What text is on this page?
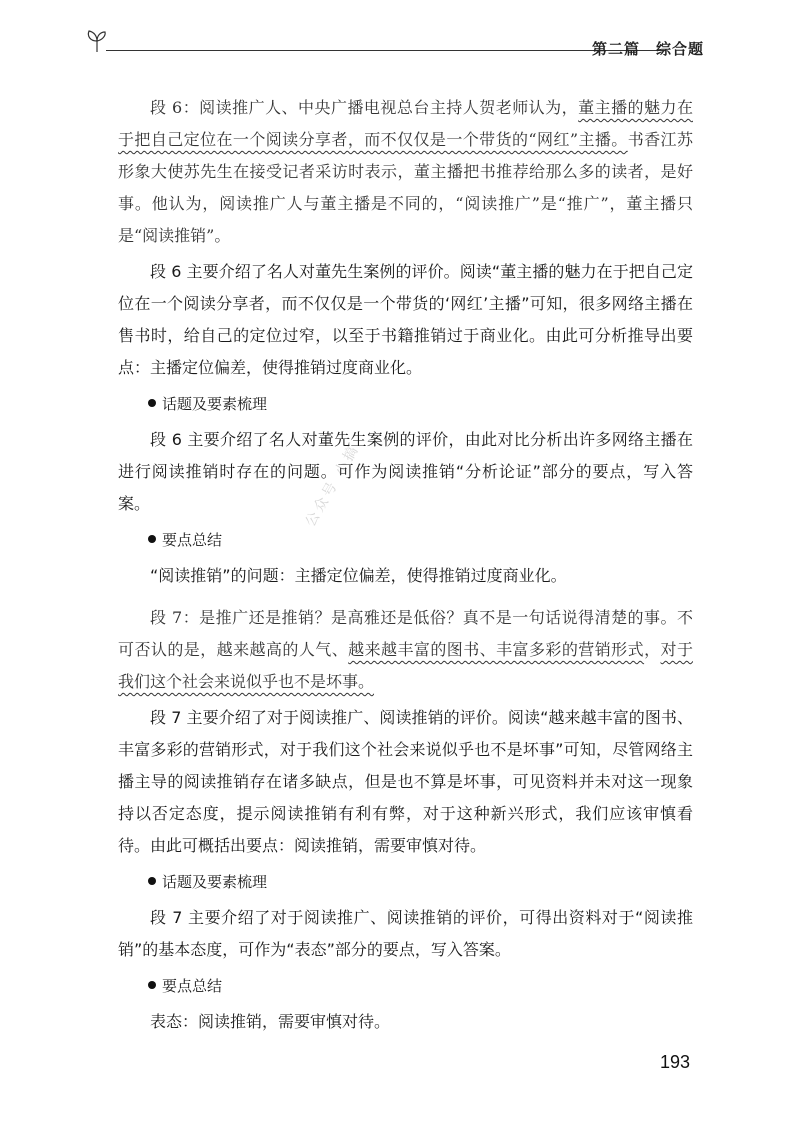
第二篇 综合题
公众号 小搞

段 6：阅读推广人、中央广播电视总台主持人贺老师认为，董主播的魅力在于把自己定位在一个阅读分享者，而不仅仅是一个带货的“网红”主播。书香江苏形象大使苏先生在接受记者采访时表示，董主播把书推荐给那么多的读者，是好事。他认为，阅读推广人与董主播是不同的，“阅读推广”是“推广”，董主播只是“阅读推销”。

段 6 主要介绍了名人对董先生案例的评价。阅读“董主播的魅力在于把自己定位在一个阅读分享者，而不仅仅是一个带货的‘网红’主播”可知，很多网络主播在售书时，给自己的定位过窄，以至于书籍推销过于商业化。由此可分析推导出要点：主播定位偏差，使得推销过度商业化。

话题及要素梳理

段 6 主要介绍了名人对董先生案例的评价，由此对比分析出许多网络主播在进行阅读推销时存在的问题。可作为阅读推销“分析论证”部分的要点，写入答案。

要点总结

“阅读推销”的问题：主播定位偏差，使得推销过度商业化。

段 7：是推广还是推销？是高雅还是低俗？真不是一句话说得清楚的事。不可否认的是，越来越高的人气、越来越丰富的图书、丰富多彩的营销形式，对于我们这个社会来说似乎也不是坏事。

段 7 主要介绍了对于阅读推广、阅读推销的评价。阅读“越来越丰富的图书、丰富多彩的营销形式，对于我们这个社会来说似乎也不是坏事”可知，尽管网络主播主导的阅读推销存在诸多缺点，但是也不算是坏事，可见资料并未对这一现象持以否定态度，提示阅读推销有利有弊，对于这种新兴形式，我们应该审慎看待。由此可概括出要点：阅读推销，需要审慎对待。

话题及要素梳理

段 7 主要介绍了对于阅读推广、阅读推销的评价，可得出资料对于“阅读推销”的基本态度，可作为“表态”部分的要点，写入答案。

要点总结

表态：阅读推销，需要审慎对待。

193
